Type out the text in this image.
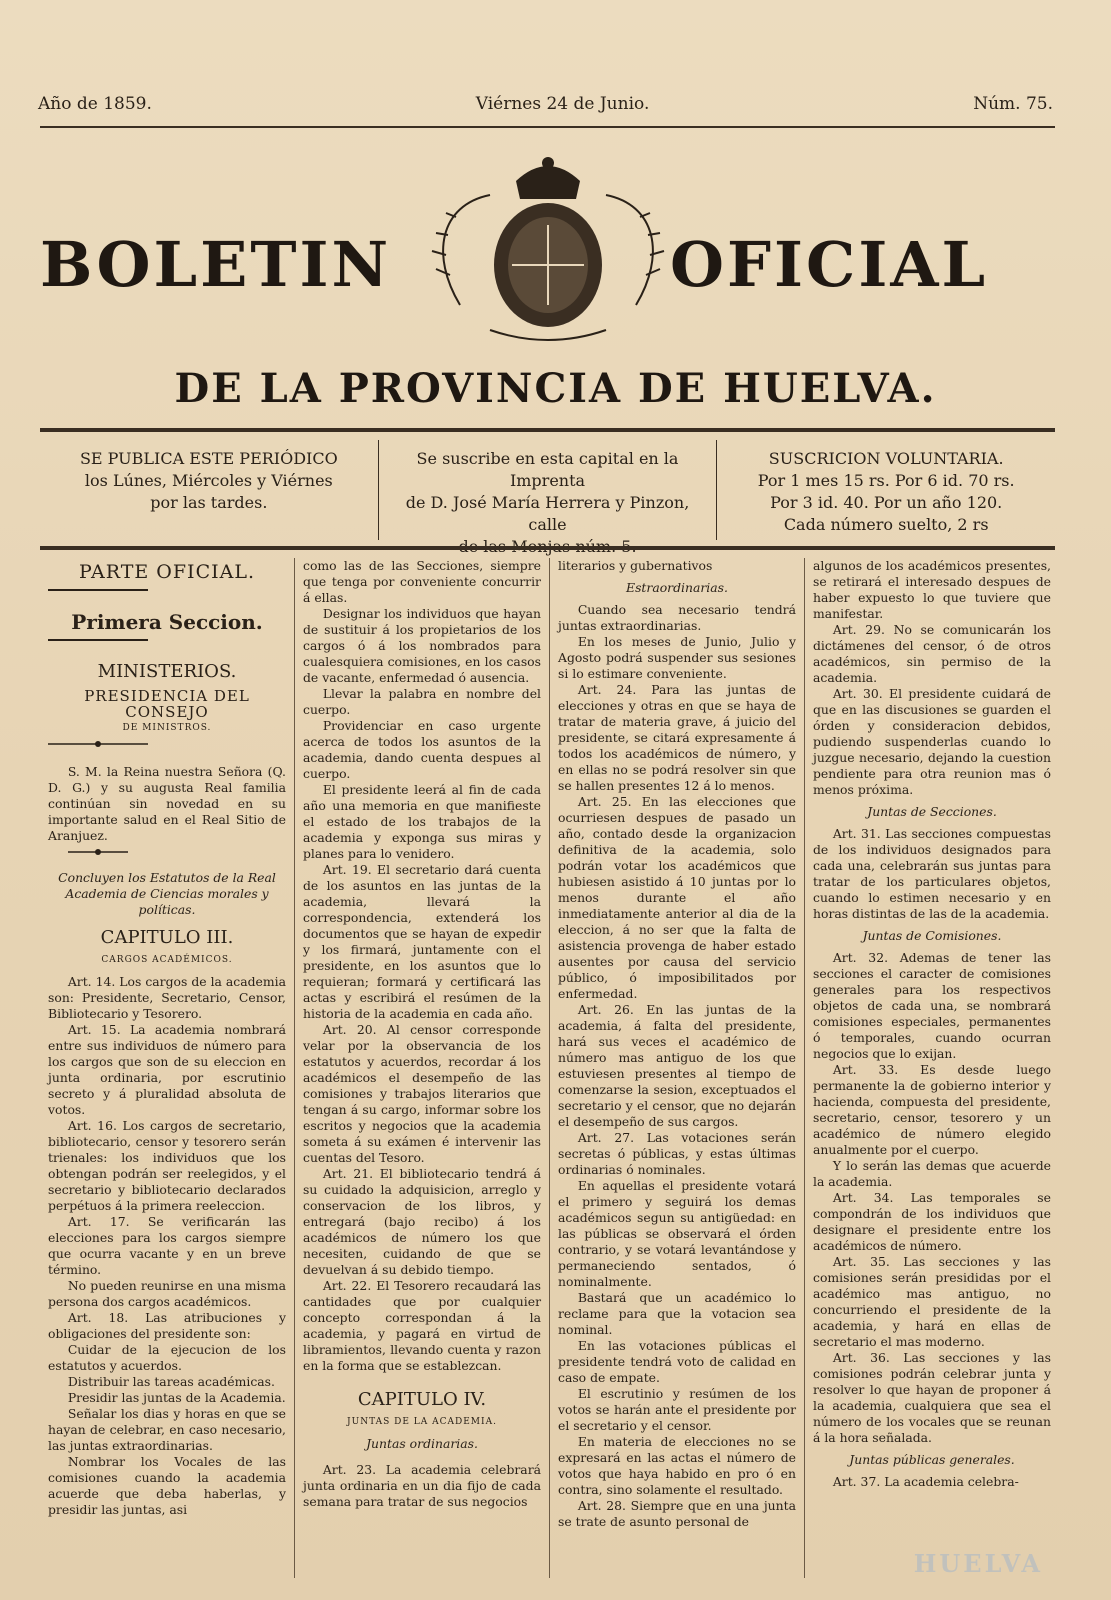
Año de 1859.	Viérnes 24 de Junio.	Núm. 75.
BOLETIN	OFICIAL
DE LA PROVINCIA DE HUELVA.
SE PUBLICA ESTE PERIÓDICO
los Lúnes, Miércoles y Viérnes
por las tardes.
Se suscribe en esta capital en la Imprenta
de D. José María Herrera y Pinzon, calle
de las Monjas núm. 5.
SUSCRICION VOLUNTARIA.
Por 1 mes 15 rs. Por 6 id. 70 rs.
Por 3 id. 40. Por un año 120.
Cada número suelto, 2 rs
PARTE OFICIAL.
Primera Seccion.
MINISTERIOS.
PRESIDENCIA DEL CONSEJO
DE MINISTROS.

S. M. la Reina nuestra Señora (Q. D. G.) y su augusta Real familia continúan sin novedad en su importante salud en el Real Sitio de Aranjuez.

Concluyen los Estatutos de la Real Academia de Ciencias morales y políticas.

CAPITULO III.
CARGOS ACADÉMICOS.

Art. 14. Los cargos de la academia son: Presidente, Secretario, Censor, Bibliotecario y Tesorero.

Art. 15. La academia nombrará entre sus individuos de número para los cargos que son de su eleccion en junta ordinaria, por escrutinio secreto y á pluralidad absoluta de votos.

Art. 16. Los cargos de secretario, bibliotecario, censor y tesorero serán trienales: los individuos que los obtengan podrán ser reelegidos, y el secretario y bibliotecario declarados perpétuos á la primera reeleccion.

Art. 17. Se verificarán las elecciones para los cargos siempre que ocurra vacante y en un breve término.

No pueden reunirse en una misma persona dos cargos académicos.

Art. 18. Las atribuciones y obligaciones del presidente son:

Cuidar de la ejecucion de los estatutos y acuerdos.

Distribuir las tareas académicas.

Presidir las juntas de la Academia.

Señalar los dias y horas en que se hayan de celebrar, en caso necesario, las juntas extraordinarias.

Nombrar los Vocales de las comisiones cuando la academia acuerde que deba haberlas, y presidir las juntas, asi

como las de las Secciones, siempre que tenga por conveniente concurrir á ellas.

Designar los individuos que hayan de sustituir á los propietarios de los cargos ó á los nombrados para cualesquiera comisiones, en los casos de vacante, enfermedad ó ausencia.

Llevar la palabra en nombre del cuerpo.

Providenciar en caso urgente acerca de todos los asuntos de la academia, dando cuenta despues al cuerpo.

El presidente leerá al fin de cada año una memoria en que manifieste el estado de los trabajos de la academia y exponga sus miras y planes para lo venidero.

Art. 19. El secretario dará cuenta de los asuntos en las juntas de la academia, llevará la correspondencia, extenderá los documentos que se hayan de expedir y los firmará, juntamente con el presidente, en los asuntos que lo requieran; formará y certificará las actas y escribirá el resúmen de la historia de la academia en cada año.

Art. 20. Al censor corresponde velar por la observancia de los estatutos y acuerdos, recordar á los académicos el desempeño de las comisiones y trabajos literarios que tengan á su cargo, informar sobre los escritos y negocios que la academia someta á su exámen é intervenir las cuentas del Tesoro.

Art. 21. El bibliotecario tendrá á su cuidado la adquisicion, arreglo y conservacion de los libros, y entregará (bajo recibo) á los académicos de número los que necesiten, cuidando de que se devuelvan á su debido tiempo.

Art. 22. El Tesorero recaudará las cantidades que por cualquier concepto correspondan á la academia, y pagará en virtud de libramientos, llevando cuenta y razon en la forma que se establezcan.

CAPITULO IV.
JUNTAS DE LA ACADEMIA.
Juntas ordinarias.

Art. 23. La academia celebrará junta ordinaria en un dia fijo de cada semana para tratar de sus negocios

literarios y gubernativos

Estraordinarias.

Cuando sea necesario tendrá juntas extraordinarias.

En los meses de Junio, Julio y Agosto podrá suspender sus sesiones si lo estimare conveniente.

Art. 24. Para las juntas de elecciones y otras en que se haya de tratar de materia grave, á juicio del presidente, se citará expresamente á todos los académicos de número, y en ellas no se podrá resolver sin que se hallen presentes 12 á lo menos.

Art. 25. En las elecciones que ocurriesen despues de pasado un año, contado desde la organizacion definitiva de la academia, solo podrán votar los académicos que hubiesen asistido á 10 juntas por lo menos durante el año inmediatamente anterior al dia de la eleccion, á no ser que la falta de asistencia provenga de haber estado ausentes por causa del servicio público, ó imposibilitados por enfermedad.

Art. 26. En las juntas de la academia, á falta del presidente, hará sus veces el académico de número mas antiguo de los que estuviesen presentes al tiempo de comenzarse la sesion, exceptuados el secretario y el censor, que no dejarán el desempeño de sus cargos.

Art. 27. Las votaciones serán secretas ó públicas, y estas últimas ordinarias ó nominales.

En aquellas el presidente votará el primero y seguirá los demas académicos segun su antigüedad: en las públicas se observará el órden contrario, y se votará levantándose y permaneciendo sentados, ó nominalmente.

Bastará que un académico lo reclame para que la votacion sea nominal.

En las votaciones públicas el presidente tendrá voto de calidad en caso de empate.

El escrutinio y resúmen de los votos se harán ante el presidente por el secretario y el censor.

En materia de elecciones no se expresará en las actas el número de votos que haya habido en pro ó en contra, sino solamente el resultado.

Art. 28. Siempre que en una junta se trate de asunto personal de

algunos de los académicos presentes, se retirará el interesado despues de haber expuesto lo que tuviere que manifestar.

Art. 29. No se comunicarán los dictámenes del censor, ó de otros académicos, sin permiso de la academia.

Art. 30. El presidente cuidará de que en las discusiones se guarden el órden y consideracion debidos, pudiendo suspenderlas cuando lo juzgue necesario, dejando la cuestion pendiente para otra reunion mas ó menos próxima.

Juntas de Secciones.

Art. 31. Las secciones compuestas de los individuos designados para cada una, celebrarán sus juntas para tratar de los particulares objetos, cuando lo estimen necesario y en horas distintas de las de la academia.

Juntas de Comisiones.

Art. 32. Ademas de tener las secciones el caracter de comisiones generales para los respectivos objetos de cada una, se nombrará comisiones especiales, permanentes ó temporales, cuando ocurran negocios que lo exijan.

Art. 33. Es desde luego permanente la de gobierno interior y hacienda, compuesta del presidente, secretario, censor, tesorero y un académico de número elegido anualmente por el cuerpo.

Y lo serán las demas que acuerde la academia.

Art. 34. Las temporales se compondrán de los individuos que designare el presidente entre los académicos de número.

Art. 35. Las secciones y las comisiones serán presididas por el académico mas antiguo, no concurriendo el presidente de la academia, y hará en ellas de secretario el mas moderno.

Art. 36. Las secciones y las comisiones podrán celebrar junta y resolver lo que hayan de proponer á la academia, cualquiera que sea el número de los vocales que se reunan á la hora señalada.

Juntas públicas generales.

Art. 37. La academia celebra-

HUELVA
